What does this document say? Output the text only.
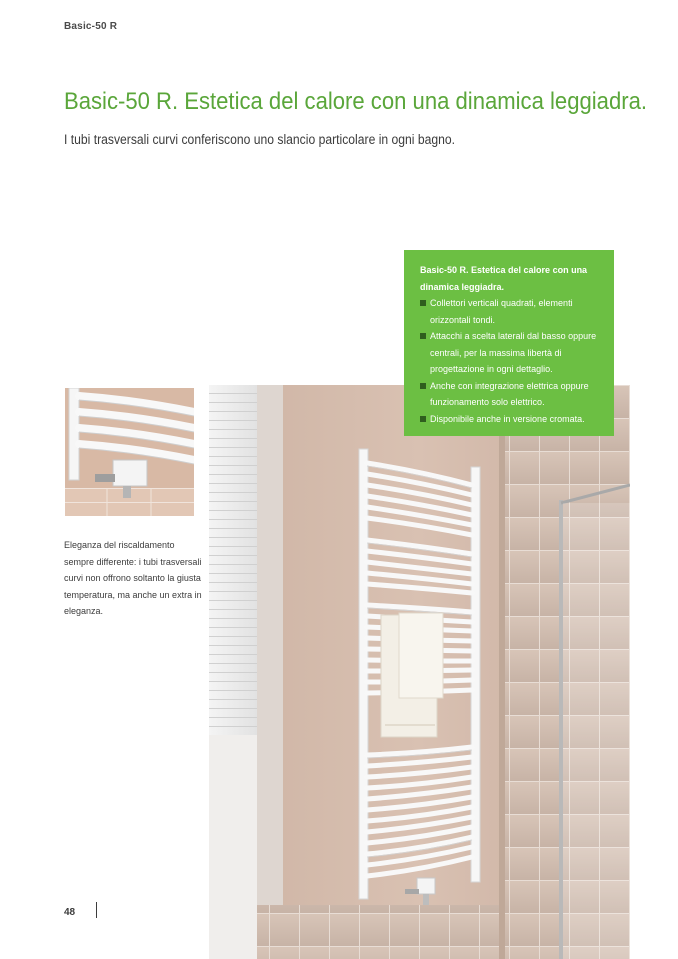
Basic-50 R
Basic-50 R. Estetica del calore con una dinamica leggiadra.
I tubi trasversali curvi conferiscono uno slancio particolare in ogni bagno.
Basic-50 R. Estetica del calore con una dinamica leggiadra.
Collettori verticali quadrati, elementi orizzontali tondi.
Attacchi a scelta laterali dal basso oppure centrali, per la massima libertà di progettazione in ogni dettaglio.
Anche con integrazione elettrica oppure funzionamento solo elettrico.
Disponibile anche in versione cromata.
Eleganza del riscaldamento sempre differente: i tubi trasversali curvi non offrono soltanto la giusta temperatura, ma anche un extra in eleganza.
48
